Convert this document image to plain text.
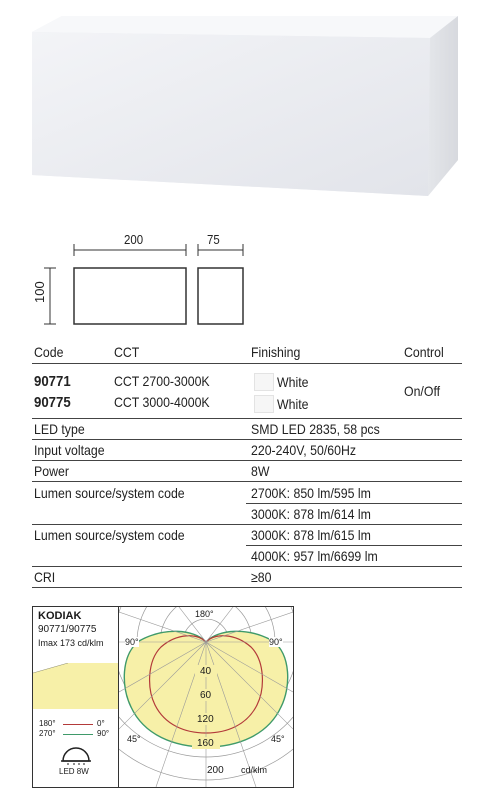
200	75
100
Code	CCT	Finishing	Control
90771	CCT 2700-3000K	White
90775	CCT 3000-4000K	White
On/Off
LED type	SMD LED 2835, 58 pcs
Input voltage	220-240V, 50/60Hz
Power	8W
Lumen source/system code	2700K: 850 lm/595 lm
3000K: 878 lm/614 lm
Lumen source/system code	3000K: 878 lm/615 lm
4000K: 957 lm/6699 lm
CRI	≥80
KODIAK
90771/90775
Imax 173 cd/klm
180°	0°
270°	90°
LED 8W
180°
90°	90°
45°	45°
40
60
120
160
200 cd/klm
